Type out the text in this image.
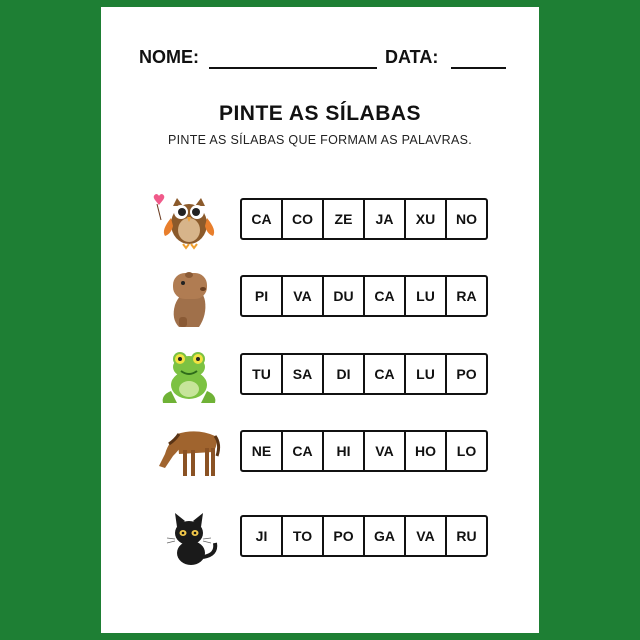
NOME:	DATA:
PINTE AS SÍLABAS
PINTE AS SÍLABAS QUE FORMAM AS PALAVRAS.
CA	CO	ZE	JA	XU	NO
PI	VA	DU	CA	LU	RA
TU	SA	DI	CA	LU	PO
NE	CA	HI	VA	HO	LO
JI	TO	PO	GA	VA	RU
